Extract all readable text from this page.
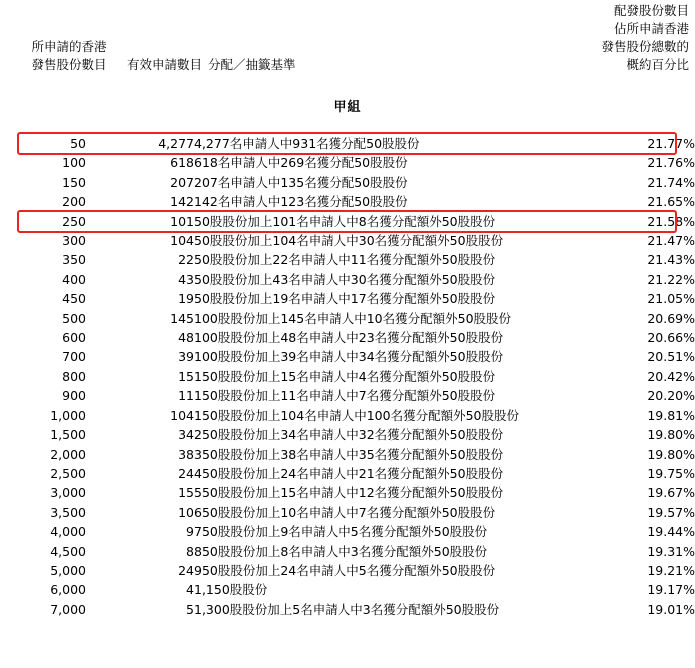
所申請的香港
發售股份數目	有效申請數目 分配／抽籤基準
配發股份數目
佔所申請香港
發售股份總數的
概約百分比
甲組
50	4,277	4,277名申請人中931名獲分配50股股份	21.77%
100	618	618名申請人中269名獲分配50股股份	21.76%
150	207	207名申請人中135名獲分配50股股份	21.74%
200	142	142名申請人中123名獲分配50股股份	21.65%
250	101	50股股份加上101名申請人中8名獲分配額外50股股份	21.58%
300	104	50股股份加上104名申請人中30名獲分配額外50股股份	21.47%
350	22	50股股份加上22名申請人中11名獲分配額外50股股份	21.43%
400	43	50股股份加上43名申請人中30名獲分配額外50股股份	21.22%
450	19	50股股份加上19名申請人中17名獲分配額外50股股份	21.05%
500	145	100股股份加上145名申請人中10名獲分配額外50股股份	20.69%
600	48	100股股份加上48名申請人中23名獲分配額外50股股份	20.66%
700	39	100股股份加上39名申請人中34名獲分配額外50股股份	20.51%
800	15	150股股份加上15名申請人中4名獲分配額外50股股份	20.42%
900	11	150股股份加上11名申請人中7名獲分配額外50股股份	20.20%
1,000	104	150股股份加上104名申請人中100名獲分配額外50股股份	19.81%
1,500	34	250股股份加上34名申請人中32名獲分配額外50股股份	19.80%
2,000	38	350股股份加上38名申請人中35名獲分配額外50股股份	19.80%
2,500	24	450股股份加上24名申請人中21名獲分配額外50股股份	19.75%
3,000	15	550股股份加上15名申請人中12名獲分配額外50股股份	19.67%
3,500	10	650股股份加上10名申請人中7名獲分配額外50股股份	19.57%
4,000	9	750股股份加上9名申請人中5名獲分配額外50股股份	19.44%
4,500	8	850股股份加上8名申請人中3名獲分配額外50股股份	19.31%
5,000	24	950股股份加上24名申請人中5名獲分配額外50股股份	19.21%
6,000	4	1,150股股份	19.17%
7,000	5	1,300股股份加上5名申請人中3名獲分配額外50股股份	19.01%
